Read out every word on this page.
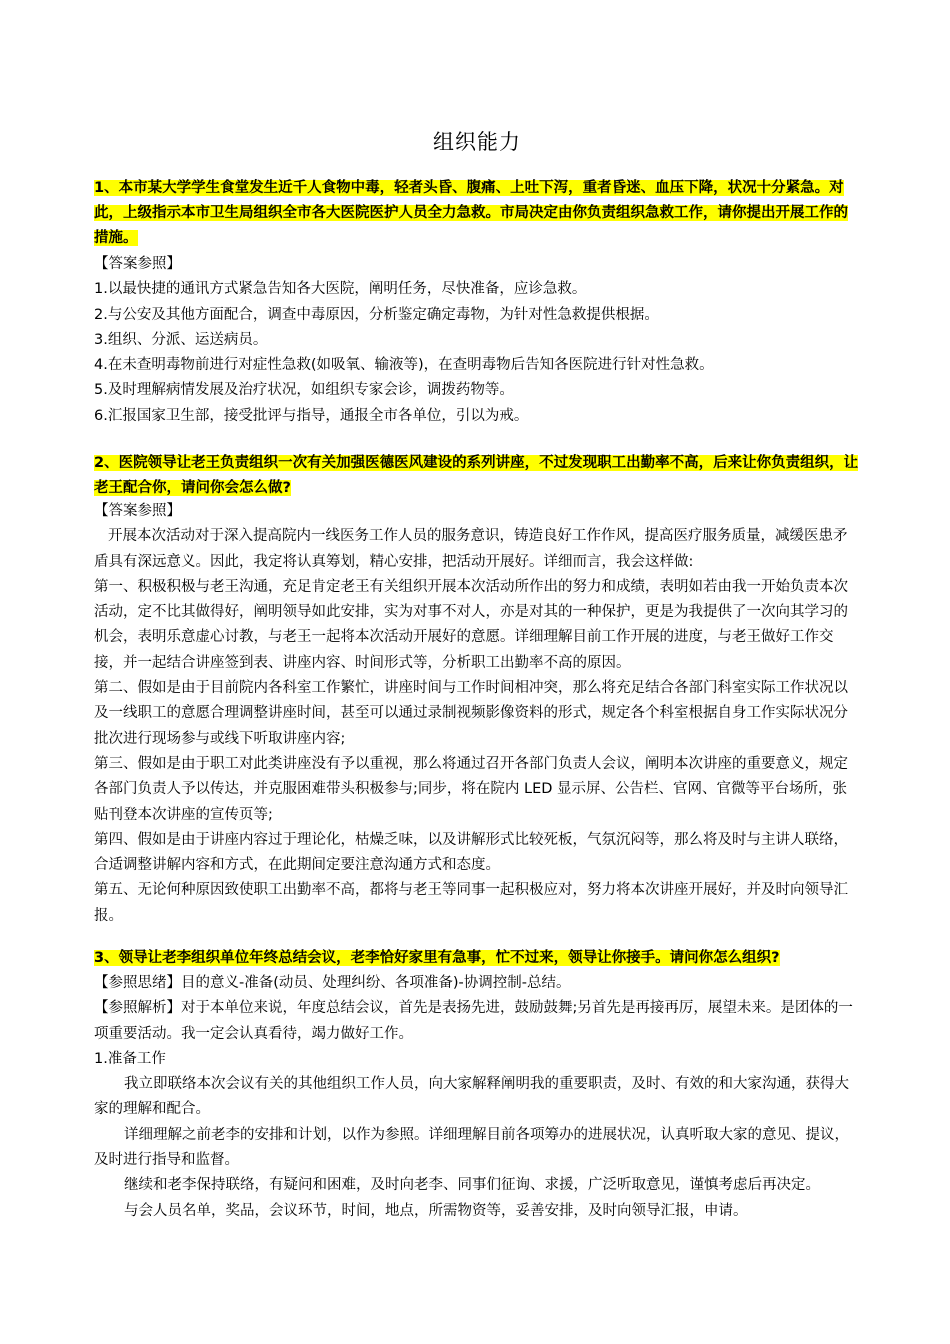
组织能力

1、本市某大学学生食堂发生近千人食物中毒，轻者头昏、腹痛、上吐下泻，重者昏迷、血压下降，状况十分紧急。对此，上级指示本市卫生局组织全市各大医院医护人员全力急救。市局决定由你负责组织急救工作，请你提出开展工作的措施。

【答案参照】

1.以最快捷的通讯方式紧急告知各大医院，阐明任务，尽快准备，应诊急救。

2.与公安及其他方面配合，调查中毒原因，分析鉴定确定毒物，为针对性急救提供根据。

3.组织、分派、运送病员。

4.在未查明毒物前进行对症性急救(如吸氧、输液等)，在查明毒物后告知各医院进行针对性急救。

5.及时理解病情发展及治疗状况，如组织专家会诊，调拨药物等。

6.汇报国家卫生部，接受批评与指导，通报全市各单位，引以为戒。

2、医院领导让老王负责组织一次有关加强医德医风建设的系列讲座，不过发现职工出勤率不高，后来让你负责组织，让老王配合你，请问你会怎么做?

【答案参照】

开展本次活动对于深入提高院内一线医务工作人员的服务意识，铸造良好工作作风，提高医疗服务质量，减缓医患矛盾具有深远意义。因此，我定将认真筹划，精心安排，把活动开展好。详细而言，我会这样做:

第一、积极积极与老王沟通，充足肯定老王有关组织开展本次活动所作出的努力和成绩，表明如若由我一开始负责本次活动，定不比其做得好，阐明领导如此安排，实为对事不对人，亦是对其的一种保护，更是为我提供了一次向其学习的机会，表明乐意虚心讨教，与老王一起将本次活动开展好的意愿。详细理解目前工作开展的进度，与老王做好工作交接，并一起结合讲座签到表、讲座内容、时间形式等，分析职工出勤率不高的原因。

第二、假如是由于目前院内各科室工作繁忙，讲座时间与工作时间相冲突，那么将充足结合各部门科室实际工作状况以及一线职工的意愿合理调整讲座时间，甚至可以通过录制视频影像资料的形式，规定各个科室根据自身工作实际状况分批次进行现场参与或线下听取讲座内容;

第三、假如是由于职工对此类讲座没有予以重视，那么将通过召开各部门负责人会议，阐明本次讲座的重要意义，规定各部门负责人予以传达，并克服困难带头积极参与;同步，将在院内 LED 显示屏、公告栏、官网、官微等平台场所，张贴刊登本次讲座的宣传页等;

第四、假如是由于讲座内容过于理论化，枯燥乏味，以及讲解形式比较死板，气氛沉闷等，那么将及时与主讲人联络，合适调整讲解内容和方式，在此期间定要注意沟通方式和态度。

第五、无论何种原因致使职工出勤率不高，都将与老王等同事一起积极应对，努力将本次讲座开展好，并及时向领导汇报。

3、领导让老李组织单位年终总结会议，老李恰好家里有急事，忙不过来，领导让你接手。请问你怎么组织?

【参照思绪】目的意义-准备(动员、处理纠纷、各项准备)-协调控制-总结。

【参照解析】对于本单位来说，年度总结会议，首先是表扬先进，鼓励鼓舞;另首先是再接再厉，展望未来。是团体的一项重要活动。我一定会认真看待，竭力做好工作。

1.准备工作

我立即联络本次会议有关的其他组织工作人员，向大家解释阐明我的重要职责，及时、有效的和大家沟通，获得大家的理解和配合。

详细理解之前老李的安排和计划，以作为参照。详细理解目前各项筹办的进展状况，认真听取大家的意见、提议，及时进行指导和监督。

继续和老李保持联络，有疑问和困难，及时向老李、同事们征询、求援，广泛听取意见，谨慎考虑后再决定。

与会人员名单，奖品，会议环节，时间，地点，所需物资等，妥善安排，及时向领导汇报，申请。
